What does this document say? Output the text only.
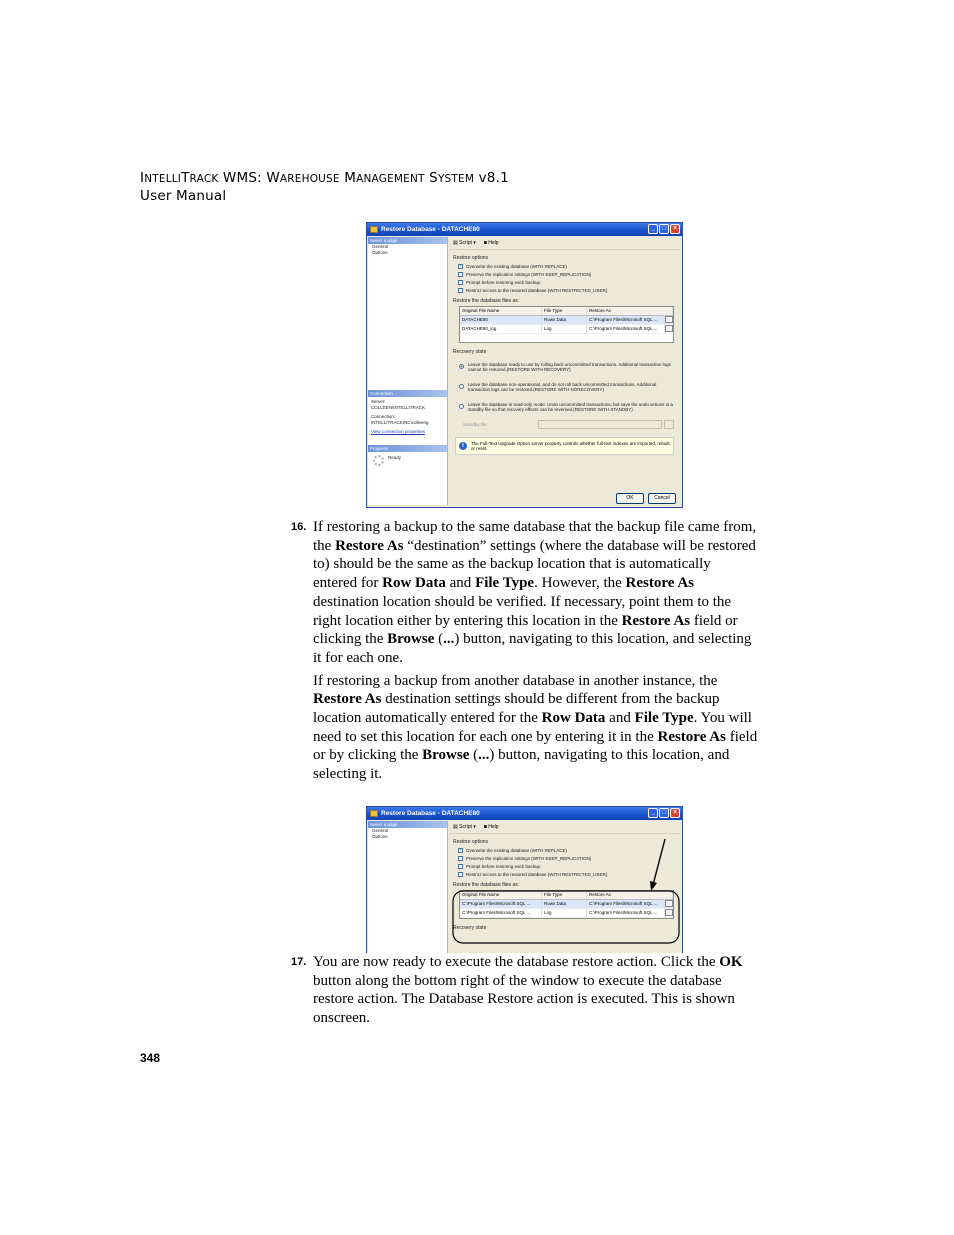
INTELLITRACK WMS: WAREHOUSE MANAGEMENT SYSTEM v8.1
User Manual
Restore Database - DATACHE80	_ □ ×
Select a page
General
Options
Connection
Server:
COLLEEN\INTELLITRACK
Connection:
INTELLITRACKINC\colleeng
View connection properties
Progress
Ready
▤ Script ▾ ◙ Help
Restore options
✓ Overwrite the existing database (WITH REPLACE)
Preserve the replication settings (WITH KEEP_REPLICATION)
Prompt before restoring each backup
Restrict access to the restored database (WITH RESTRICTED_USER)
Restore the database files as:
Original File Name	File Type	Restore As
DATACHE80	Rows Data	C:\Program Files\Microsoft SQL ...
DATACHE80_log	Log	C:\Program Files\Microsoft SQL ...
Recovery state
Leave the database ready to use by rolling back uncommitted transactions. Additional transaction logs cannot be restored.(RESTORE WITH RECOVERY)
Leave the database non-operational, and do not roll back uncommitted transactions. Additional transaction logs can be restored.(RESTORE WITH NORECOVERY)
Leave the database in read-only mode. Undo uncommitted transactions, but save the undo actions in a standby file so that recovery effects can be reversed.(RESTORE WITH STANDBY)
Standby file:
i	The Full-Text Upgrade Option server property controls whether full-text indexes are imported, rebuilt, or reset.
OK	Cancel
16. If restoring a backup to the same database that the backup file came from, the Restore As “destination” settings (where the database will be restored to) should be the same as the backup location that is automatically entered for Row Data and File Type. However, the Restore As destination location should be verified. If necessary, point them to the right location either by entering this location in the Restore As field or clicking the Browse (...) button, navigating to this location, and selecting it for each one.

If restoring a backup from another database in another instance, the Restore As destination settings should be different from the backup location automatically entered for the Row Data and File Type. You will need to set this location for each one by entering it in the Restore As field or by clicking the Browse (...) button, navigating to this location, and selecting it.

Restore Database - DATACHE80	_ □ ×
Select a page
General
Options
▤ Script ▾ ◙ Help
Restore options
✓ Overwrite the existing database (WITH REPLACE)
Preserve the replication settings (WITH KEEP_REPLICATION)
Prompt before restoring each backup
Restrict access to the restored database (WITH RESTRICTED_USER)
Restore the database files as:
Original File Name	File Type	Restore As
C:\Program Files\Microsoft SQL ...	Rows Data	C:\Program Files\Microsoft SQL ...
C:\Program Files\Microsoft SQL ...	Log	C:\Program Files\Microsoft SQL ...
Recovery state
17. You are now ready to execute the database restore action. Click the OK button along the bottom right of the window to execute the database restore action. The Database Restore action is executed. This is shown onscreen.

348
